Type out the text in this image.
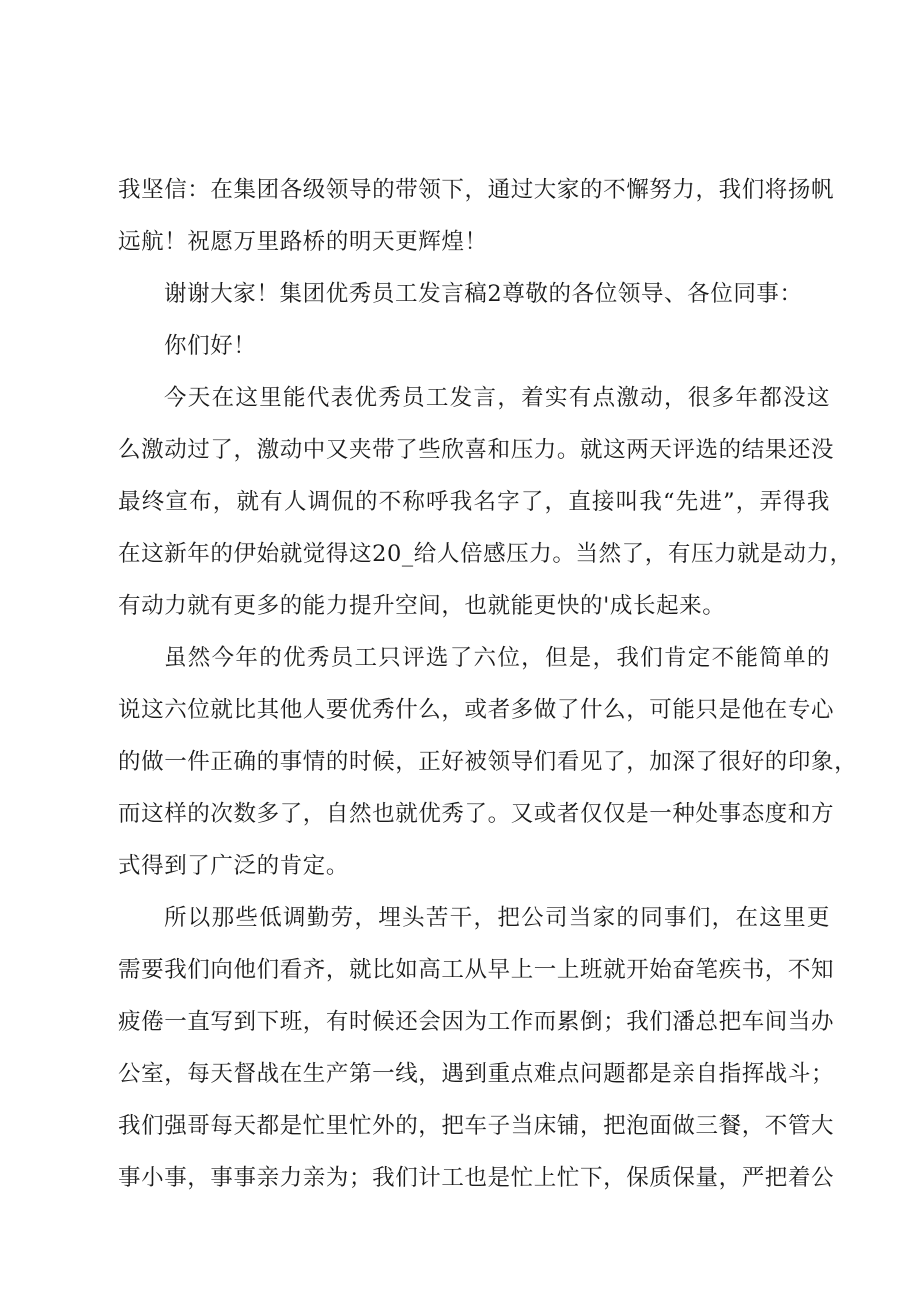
我坚信：在集团各级领导的带领下，通过大家的不懈努力，我们将扬帆
远航！祝愿万里路桥的明天更辉煌！
谢谢大家！集团优秀员工发言稿2尊敬的各位领导、各位同事：
你们好！
今天在这里能代表优秀员工发言，着实有点激动，很多年都没这
么激动过了，激动中又夹带了些欣喜和压力。就这两天评选的结果还没
最终宣布，就有人调侃的不称呼我名字了，直接叫我“先进”，弄得我
在这新年的伊始就觉得这20_给人倍感压力。当然了，有压力就是动力，
有动力就有更多的能力提升空间，也就能更快的'成长起来。
虽然今年的优秀员工只评选了六位，但是，我们肯定不能简单的
说这六位就比其他人要优秀什么，或者多做了什么，可能只是他在专心
的做一件正确的事情的时候，正好被领导们看见了，加深了很好的印象，
而这样的次数多了，自然也就优秀了。又或者仅仅是一种处事态度和方
式得到了广泛的肯定。
所以那些低调勤劳，埋头苦干，把公司当家的同事们，在这里更
需要我们向他们看齐，就比如高工从早上一上班就开始奋笔疾书，不知
疲倦一直写到下班，有时候还会因为工作而累倒；我们潘总把车间当办
公室，每天督战在生产第一线，遇到重点难点问题都是亲自指挥战斗；
我们强哥每天都是忙里忙外的，把车子当床铺，把泡面做三餐，不管大
事小事，事事亲力亲为；我们计工也是忙上忙下，保质保量，严把着公
